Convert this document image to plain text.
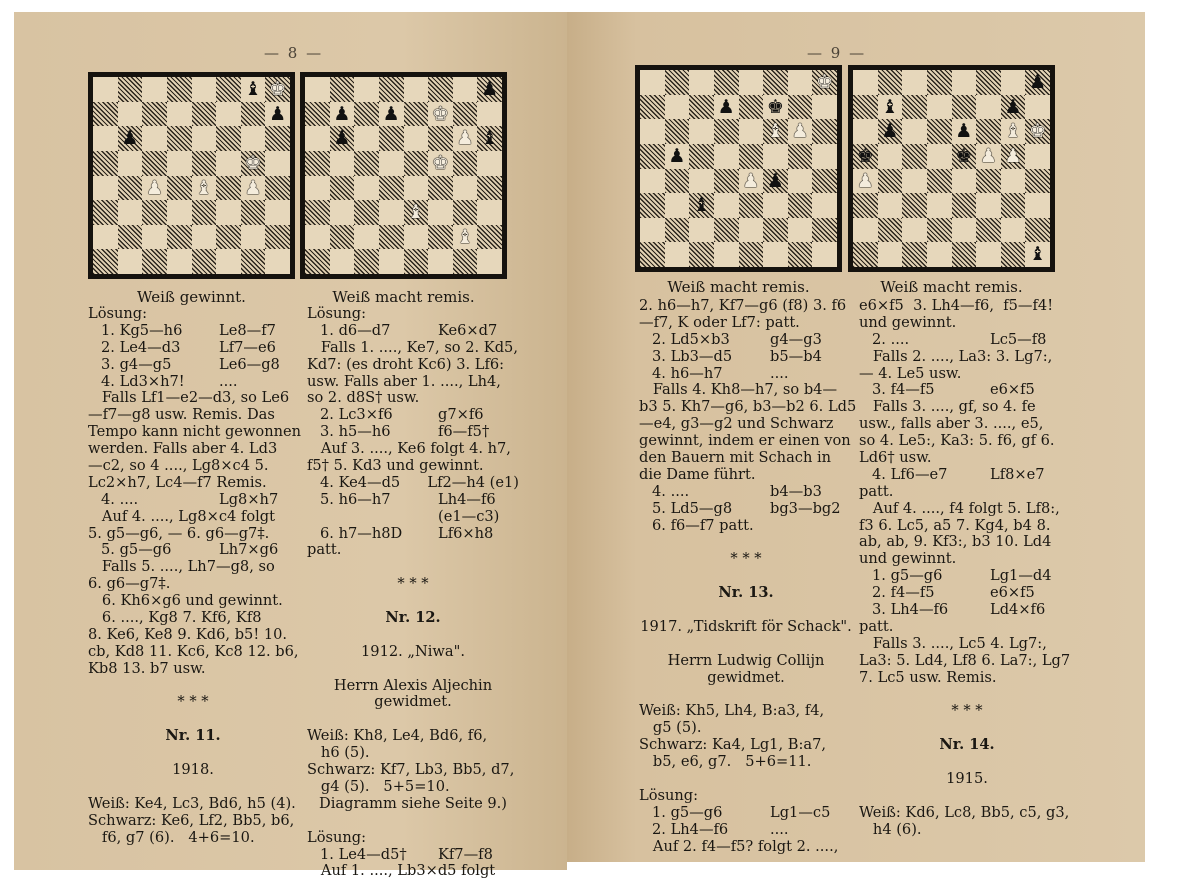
— 8 —
♝ ♚
♟
♟
♚
♟ ♝ ♟
♟
♟ ♟ ♚
♟	♟ ♝
♚
♝
♝
Weiß gewinnt.	Weiß macht remis.
Lösung:
1. Kg5—h6	Le8—f7
2. Le4—d3	Lf7—e6
3. g4—g5	Le6—g8
4. Ld3×h7!	....
Falls Lf1—e2—d3, so Le6
—f7—g8 usw. Remis. Das
Tempo kann nicht gewonnen
werden. Falls aber 4. Ld3
—c2, so 4 ...., Lg8×c4 5.
Lc2×h7, Lc4—f7 Remis.
4. ....	Lg8×h7
Auf 4. ...., Lg8×c4 folgt
5. g5—g6, — 6. g6—g7‡.
5. g5—g6	Lh7×g6
Falls 5. ...., Lh7—g8, so
6. g6—g7‡.
6. Kh6×g6 und gewinnt.
6. ...., Kg8 7. Kf6, Kf8
8. Ke6, Ke8 9. Kd6, b5! 10.
cb, Kd8 11. Kc6, Kc8 12. b6,
Kb8 13. b7 usw.
* * *
Nr. 11.
1918.
Weiß: Ke4, Lc3, Bd6, h5 (4).
Schwarz: Ke6, Lf2, Bb5, b6,
f6, g7 (6).   4+6=10.
Lösung:
1. d6—d7	Ke6×d7
Falls 1. ...., Ke7, so 2. Kd5,
Kd7: (es droht Kc6) 3. Lf6:
usw. Falls aber 1. ...., Lh4,
so 2. d8S† usw.
2. Lc3×f6	g7×f6
3. h5—h6	f6—f5†
Auf 3. ...., Ke6 folgt 4. h7,
f5† 5. Kd3 und gewinnt.
4. Ke4—d5	Lf2—h4 (e1)
5. h6—h7	Lh4—f6
(e1—c3)
6. h7—h8D	Lf6×h8
patt.
* * *
Nr. 12.
1912. „Niwa".
Herrn Alexis Aljechin
gewidmet.
Weiß: Kh8, Le4, Bd6, f6,
h6 (5).
Schwarz: Kf7, Lb3, Bb5, d7,
g4 (5).   5+5=10.
Diagramm siehe Seite 9.)
Lösung:
1. Le4—d5†	Kf7—f8
Auf 1. ...., Lb3×d5 folgt
— 9 —
♚
♟ ♚
♝ ♟
♟
♟ ♟
♝
♟
♝	♟
♟	♟ ♝ ♚
♚	♚ ♟ ♟
♟
♝
Weiß macht remis.	Weiß macht remis.
2. h6—h7, Kf7—g6 (f8) 3. f6
—f7, K oder Lf7: patt.
2. Ld5×b3	g4—g3
3. Lb3—d5	b5—b4
4. h6—h7	....
Falls 4. Kh8—h7, so b4—
b3 5. Kh7—g6, b3—b2 6. Ld5
—e4, g3—g2 und Schwarz
gewinnt, indem er einen von
den Bauern mit Schach in
die Dame führt.
4. ....	b4—b3
5. Ld5—g8	bg3—bg2
6. f6—f7 patt.
* * *
Nr. 13.
1917. „Tidskrift för Schack".
Herrn Ludwig Collijn
gewidmet.
Weiß: Kh5, Lh4, B:a3, f4,
g5 (5).
Schwarz: Ka4, Lg1, B:a7,
b5, e6, g7.   5+6=11.
Lösung:
1. g5—g6	Lg1—c5
2. Lh4—f6	....
Auf 2. f4—f5? folgt 2. ....,
e6×f5  3. Lh4—f6,  f5—f4!
und gewinnt.
2. ....	Lc5—f8
Falls 2. ...., La3: 3. Lg7:,
— 4. Le5 usw.
3. f4—f5	e6×f5
Falls 3. ...., gf, so 4. fe
usw., falls aber 3. ...., e5,
so 4. Le5:, Ka3: 5. f6, gf 6.
Ld6† usw.
4. Lf6—e7	Lf8×e7
patt.
Auf 4. ...., f4 folgt 5. Lf8:,
f3 6. Lc5, a5 7. Kg4, b4 8.
ab, ab, 9. Kf3:, b3 10. Ld4
und gewinnt.
1. g5—g6	Lg1—d4
2. f4—f5	e6×f5
3. Lh4—f6	Ld4×f6
patt.
Falls 3. ...., Lc5 4. Lg7:,
La3: 5. Ld4, Lf8 6. La7:, Lg7
7. Lc5 usw. Remis.
* * *
Nr. 14.
1915.
Weiß: Kd6, Lc8, Bb5, c5, g3,
h4 (6).
